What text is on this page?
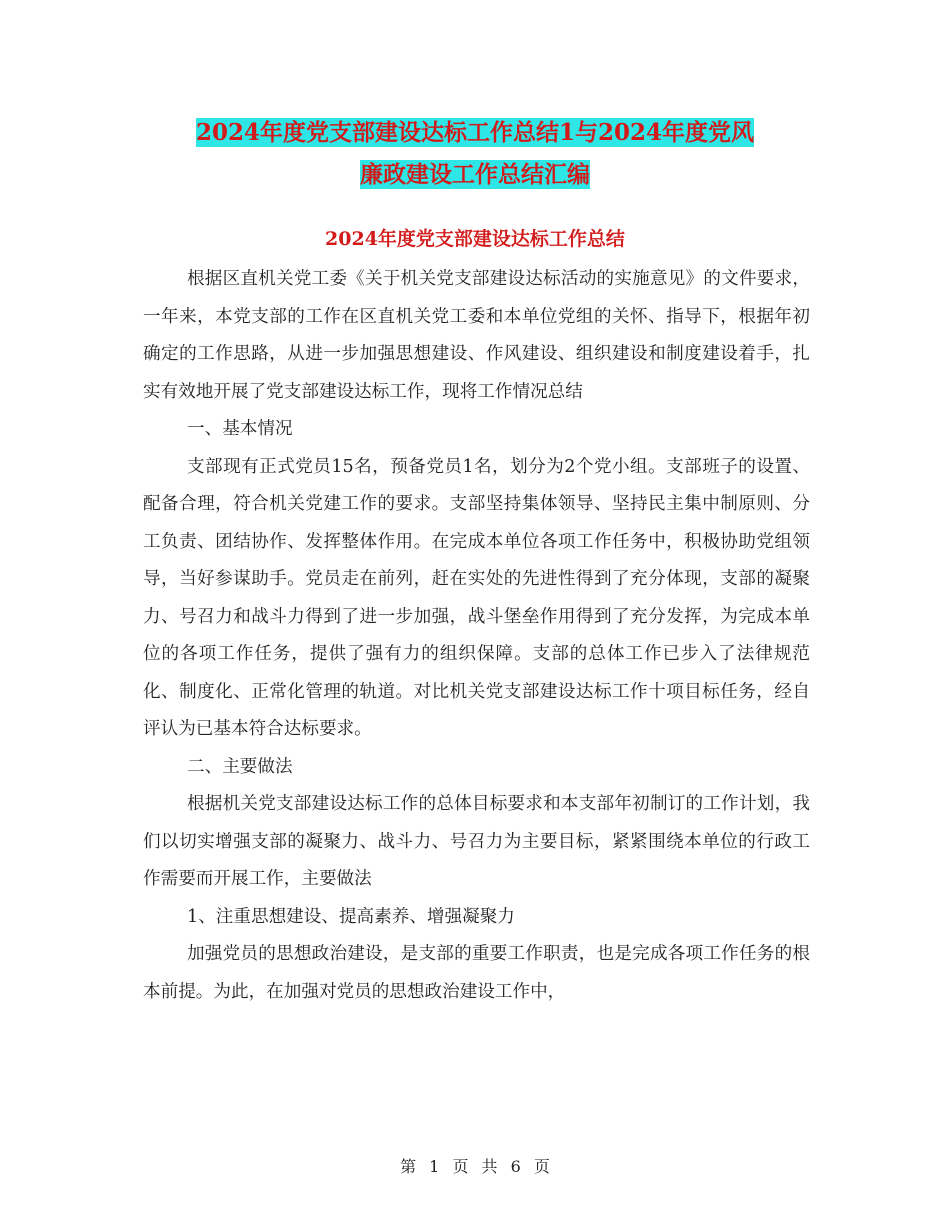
2024年度党支部建设达标工作总结1与2024年度党风
廉政建设工作总结汇编
2024年度党支部建设达标工作总结

根据区直机关党工委《关于机关党支部建设达标活动的实施意见》的文件要求，一年来，本党支部的工作在区直机关党工委和本单位党组的关怀、指导下，根据年初确定的工作思路，从进一步加强思想建设、作风建设、组织建设和制度建设着手，扎实有效地开展了党支部建设达标工作，现将工作情况总结

一、基本情况

支部现有正式党员15名，预备党员1名，划分为2个党小组。支部班子的设置、配备合理，符合机关党建工作的要求。支部坚持集体领导、坚持民主集中制原则、分工负责、团结协作、发挥整体作用。在完成本单位各项工作任务中，积极协助党组领导，当好参谋助手。党员走在前列，赶在实处的先进性得到了充分体现，支部的凝聚力、号召力和战斗力得到了进一步加强，战斗堡垒作用得到了充分发挥，为完成本单位的各项工作任务，提供了强有力的组织保障。支部的总体工作已步入了法律规范化、制度化、正常化管理的轨道。对比机关党支部建设达标工作十项目标任务，经自评认为已基本符合达标要求。

二、主要做法

根据机关党支部建设达标工作的总体目标要求和本支部年初制订的工作计划，我们以切实增强支部的凝聚力、战斗力、号召力为主要目标，紧紧围绕本单位的行政工作需要而开展工作，主要做法

1、注重思想建设、提高素养、增强凝聚力

加强党员的思想政治建设，是支部的重要工作职责，也是完成各项工作任务的根本前提。为此，在加强对党员的思想政治建设工作中，

第 1 页 共 6 页
